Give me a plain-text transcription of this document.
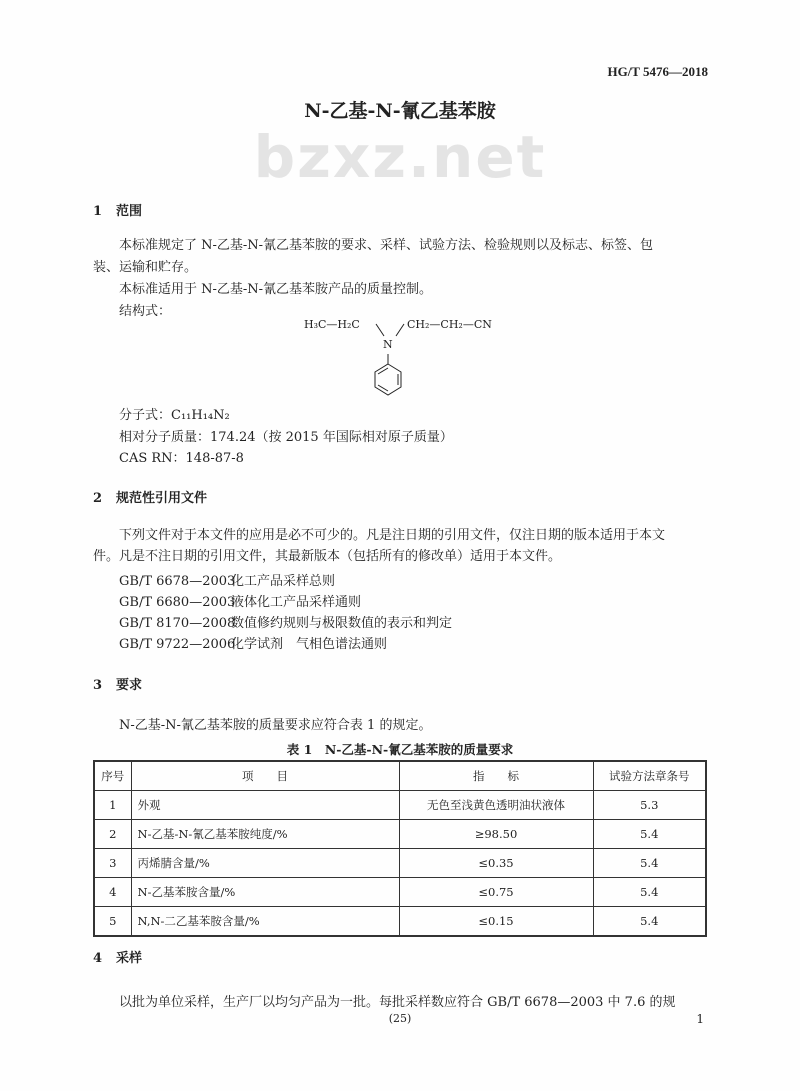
HG/T 5476—2018
N-乙基-N-氰乙基苯胺
bzxz.net
1 范围
本标准规定了 N-乙基-N-氰乙基苯胺的要求、采样、试验方法、检验规则以及标志、标签、包
装、运输和贮存。
本标准适用于 N-乙基-N-氰乙基苯胺产品的质量控制。
结构式：
H₃C—H₂C
N
CH₂—CH₂—CN
分子式：C₁₁H₁₄N₂
相对分子质量：174.24（按 2015 年国际相对原子质量）
CAS RN：148-87-8
2 规范性引用文件
下列文件对于本文件的应用是必不可少的。凡是注日期的引用文件，仅注日期的版本适用于本文
件。凡是不注日期的引用文件，其最新版本（包括所有的修改单）适用于本文件。
GB/T 6678—2003化工产品采样总则
GB/T 6680—2003液体化工产品采样通则
GB/T 8170—2008数值修约规则与极限数值的表示和判定
GB/T 9722—2006化学试剂　气相色谱法通则
3 要求
N-乙基-N-氰乙基苯胺的质量要求应符合表 1 的规定。
表 1　N-乙基-N-氰乙基苯胺的质量要求
序号	项　　目	指　　标	试验方法章条号
1	外观	无色至浅黄色透明油状液体	5.3
2	N-乙基-N-氰乙基苯胺纯度/%	≥98.50	5.4
3	丙烯腈含量/%	≤0.35	5.4
4	N-乙基苯胺含量/%	≤0.75	5.4
5	N,N-二乙基苯胺含量/%	≤0.15	5.4
4 采样
以批为单位采样，生产厂以均匀产品为一批。每批采样数应符合 GB/T 6678—2003 中 7.6 的规
(25)	1
